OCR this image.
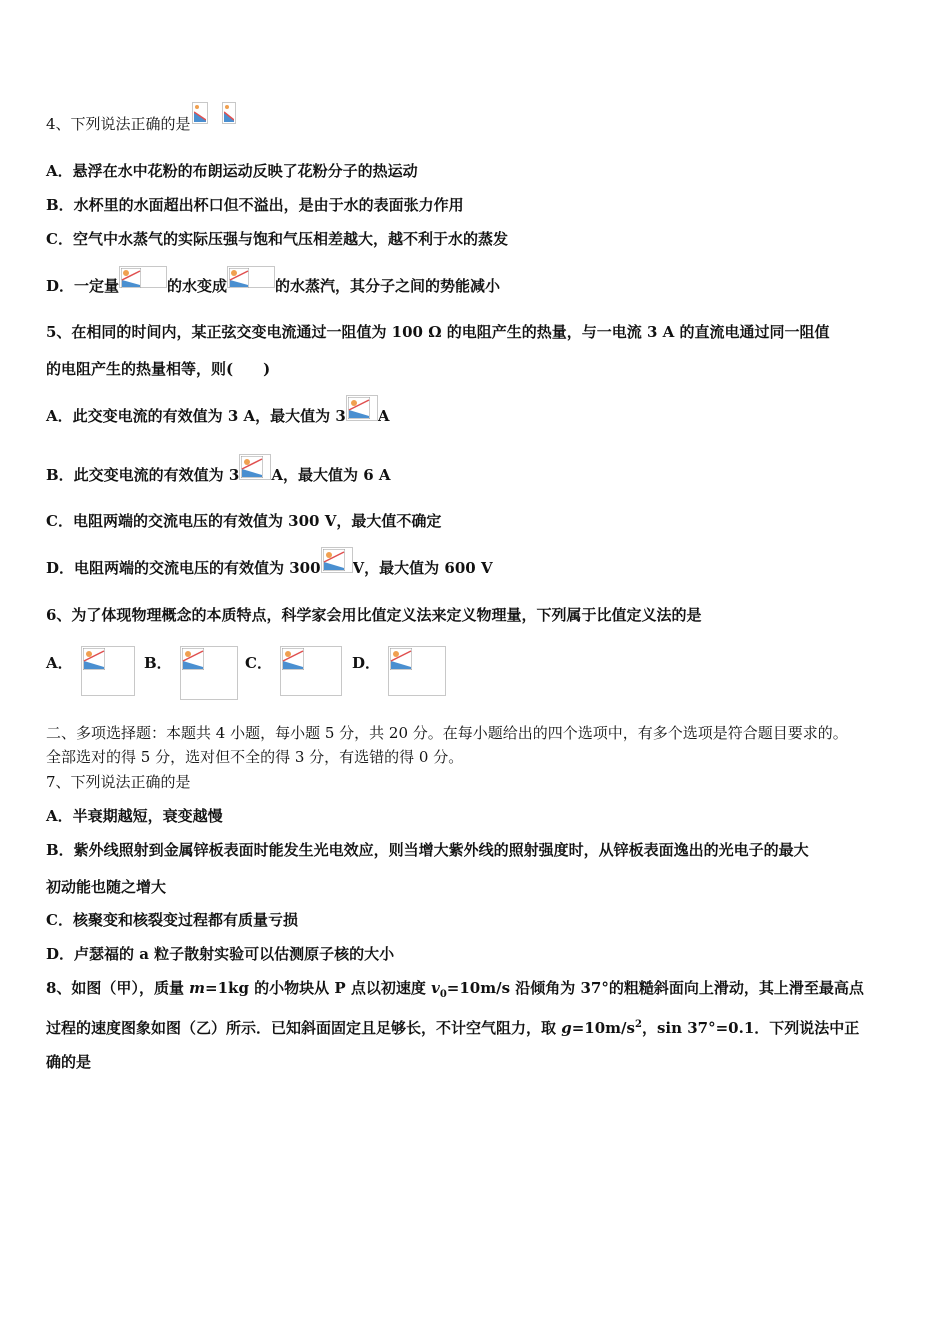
4、下列说法正确的是
A．悬浮在水中花粉的布朗运动反映了花粉分子的热运动
B．水杯里的水面超出杯口但不溢出，是由于水的表面张力作用
C．空气中水蒸气的实际压强与饱和气压相差越大，越不利于水的蒸发
D．一定量	的水变成	的水蒸汽，其分子之间的势能减小
5、在相同的时间内，某正弦交变电流通过一阻值为 100 Ω 的电阻产生的热量，与一电流 3 A 的直流电通过同一阻值
的电阻产生的热量相等，则(　　)
A．此交变电流的有效值为 3 A，最大值为 3 A
B．此交变电流的有效值为 3 A，最大值为 6 A
C．电阻两端的交流电压的有效值为 300 V，最大值不确定
D．电阻两端的交流电压的有效值为 300 V，最大值为 600 V
6、为了体现物理概念的本质特点，科学家会用比值定义法来定义物理量，下列属于比值定义法的是
A．	B．	C．	D．
二、多项选择题：本题共 4 小题，每小题 5 分，共 20 分。在每小题给出的四个选项中，有多个选项是符合题目要求的。
全部选对的得 5 分，选对但不全的得 3 分，有选错的得 0 分。
7、下列说法正确的是
A．半衰期越短，衰变越慢
B．紫外线照射到金属锌板表面时能发生光电效应，则当增大紫外线的照射强度时，从锌板表面逸出的光电子的最大
初动能也随之增大
C．核聚变和核裂变过程都有质量亏损
D．卢瑟福的 a 粒子散射实验可以估测原子核的大小
8、如图（甲），质量 m=1kg 的小物块从 P 点以初速度 $v_0=10m/s$ 沿倾角为 37°的粗糙斜面向上滑动，其上滑至最高点
过程的速度图象如图（乙）所示．已知斜面固定且足够长，不计空气阻力，取 $g=10m/s^2$，sin 37°=0.1．下列说法中正
确的是
